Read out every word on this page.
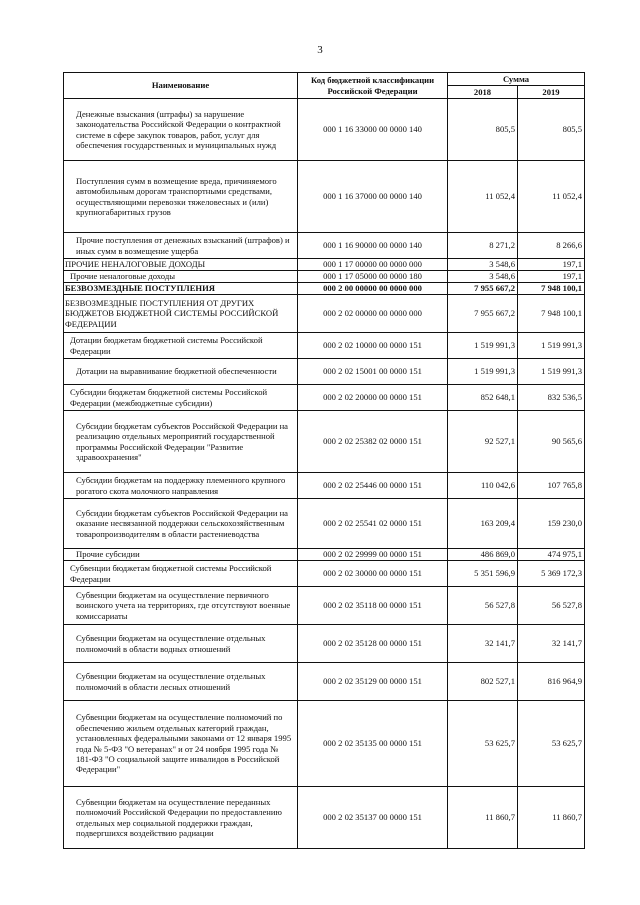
3
Наименование	Код бюджетной классификации Российской Федерации	Сумма	
		2018	2019
Денежные взыскания (штрафы) за нарушение законодательства Российской Федерации о контрактной системе в сфере закупок товаров, работ, услуг для обеспечения государственных и муниципальных нужд	000 1 16 33000 00 0000 140	805,5	805,5
Поступления сумм в возмещение вреда, причиняемого автомобильным дорогам транспортными средствами, осуществляющими перевозки тяжеловесных и (или) крупногабаритных грузов	000 1 16 37000 00 0000 140	11 052,4	11 052,4
Прочие поступления от денежных взысканий (штрафов) и иных сумм в возмещение ущерба	000 1 16 90000 00 0000 140	8 271,2	8 266,6
ПРОЧИЕ НЕНАЛОГОВЫЕ ДОХОДЫ	000 1 17 00000 00 0000 000	3 548,6	197,1
Прочие неналоговые доходы	000 1 17 05000 00 0000 180	3 548,6	197,1
БЕЗВОЗМЕЗДНЫЕ ПОСТУПЛЕНИЯ	000 2 00 00000 00 0000 000	7 955 667,2	7 948 100,1
БЕЗВОЗМЕЗДНЫЕ ПОСТУПЛЕНИЯ ОТ ДРУГИХ БЮДЖЕТОВ БЮДЖЕТНОЙ СИСТЕМЫ РОССИЙСКОЙ ФЕДЕРАЦИИ	000 2 02 00000 00 0000 000	7 955 667,2	7 948 100,1
Дотации бюджетам бюджетной системы Российской Федерации	000 2 02 10000 00 0000 151	1 519 991,3	1 519 991,3
Дотации на выравнивание бюджетной обеспеченности	000 2 02 15001 00 0000 151	1 519 991,3	1 519 991,3
Субсидии бюджетам бюджетной системы Российской Федерации (межбюджетные субсидии)	000 2 02 20000 00 0000 151	852 648,1	832 536,5
Субсидии бюджетам субъектов Российской Федерации на реализацию отдельных мероприятий государственной программы Российской Федерации "Развитие здравоохранения"	000 2 02 25382 02 0000 151	92 527,1	90 565,6
Субсидии бюджетам на поддержку племенного крупного рогатого скота молочного направления	000 2 02 25446 00 0000 151	110 042,6	107 765,8
Субсидии бюджетам субъектов Российской Федерации на оказание несвязанной поддержки сельскохозяйственным товаропроизводителям в области растениеводства	000 2 02 25541 02 0000 151	163 209,4	159 230,0
Прочие субсидии	000 2 02 29999 00 0000 151	486 869,0	474 975,1
Субвенции бюджетам бюджетной системы Российской Федерации	000 2 02 30000 00 0000 151	5 351 596,9	5 369 172,3
Субвенции бюджетам на осуществление первичного воинского учета на территориях, где отсутствуют военные комиссариаты	000 2 02 35118 00 0000 151	56 527,8	56 527,8
Субвенции бюджетам на осуществление отдельных полномочий в области водных отношений	000 2 02 35128 00 0000 151	32 141,7	32 141,7
Субвенции бюджетам на осуществление отдельных полномочий в области лесных отношений	000 2 02 35129 00 0000 151	802 527,1	816 964,9
Субвенции бюджетам на осуществление полномочий по обеспечению жильем отдельных категорий граждан, установленных федеральными законами от 12 января 1995 года № 5-ФЗ "О ветеранах" и от 24 ноября 1995 года № 181-ФЗ "О социальной защите инвалидов в Российской Федерации"	000 2 02 35135 00 0000 151	53 625,7	53 625,7
Субвенции бюджетам на осуществление переданных полномочий Российской Федерации по предоставлению отдельных мер социальной поддержки граждан, подвергшихся воздействию радиации	000 2 02 35137 00 0000 151	11 860,7	11 860,7
